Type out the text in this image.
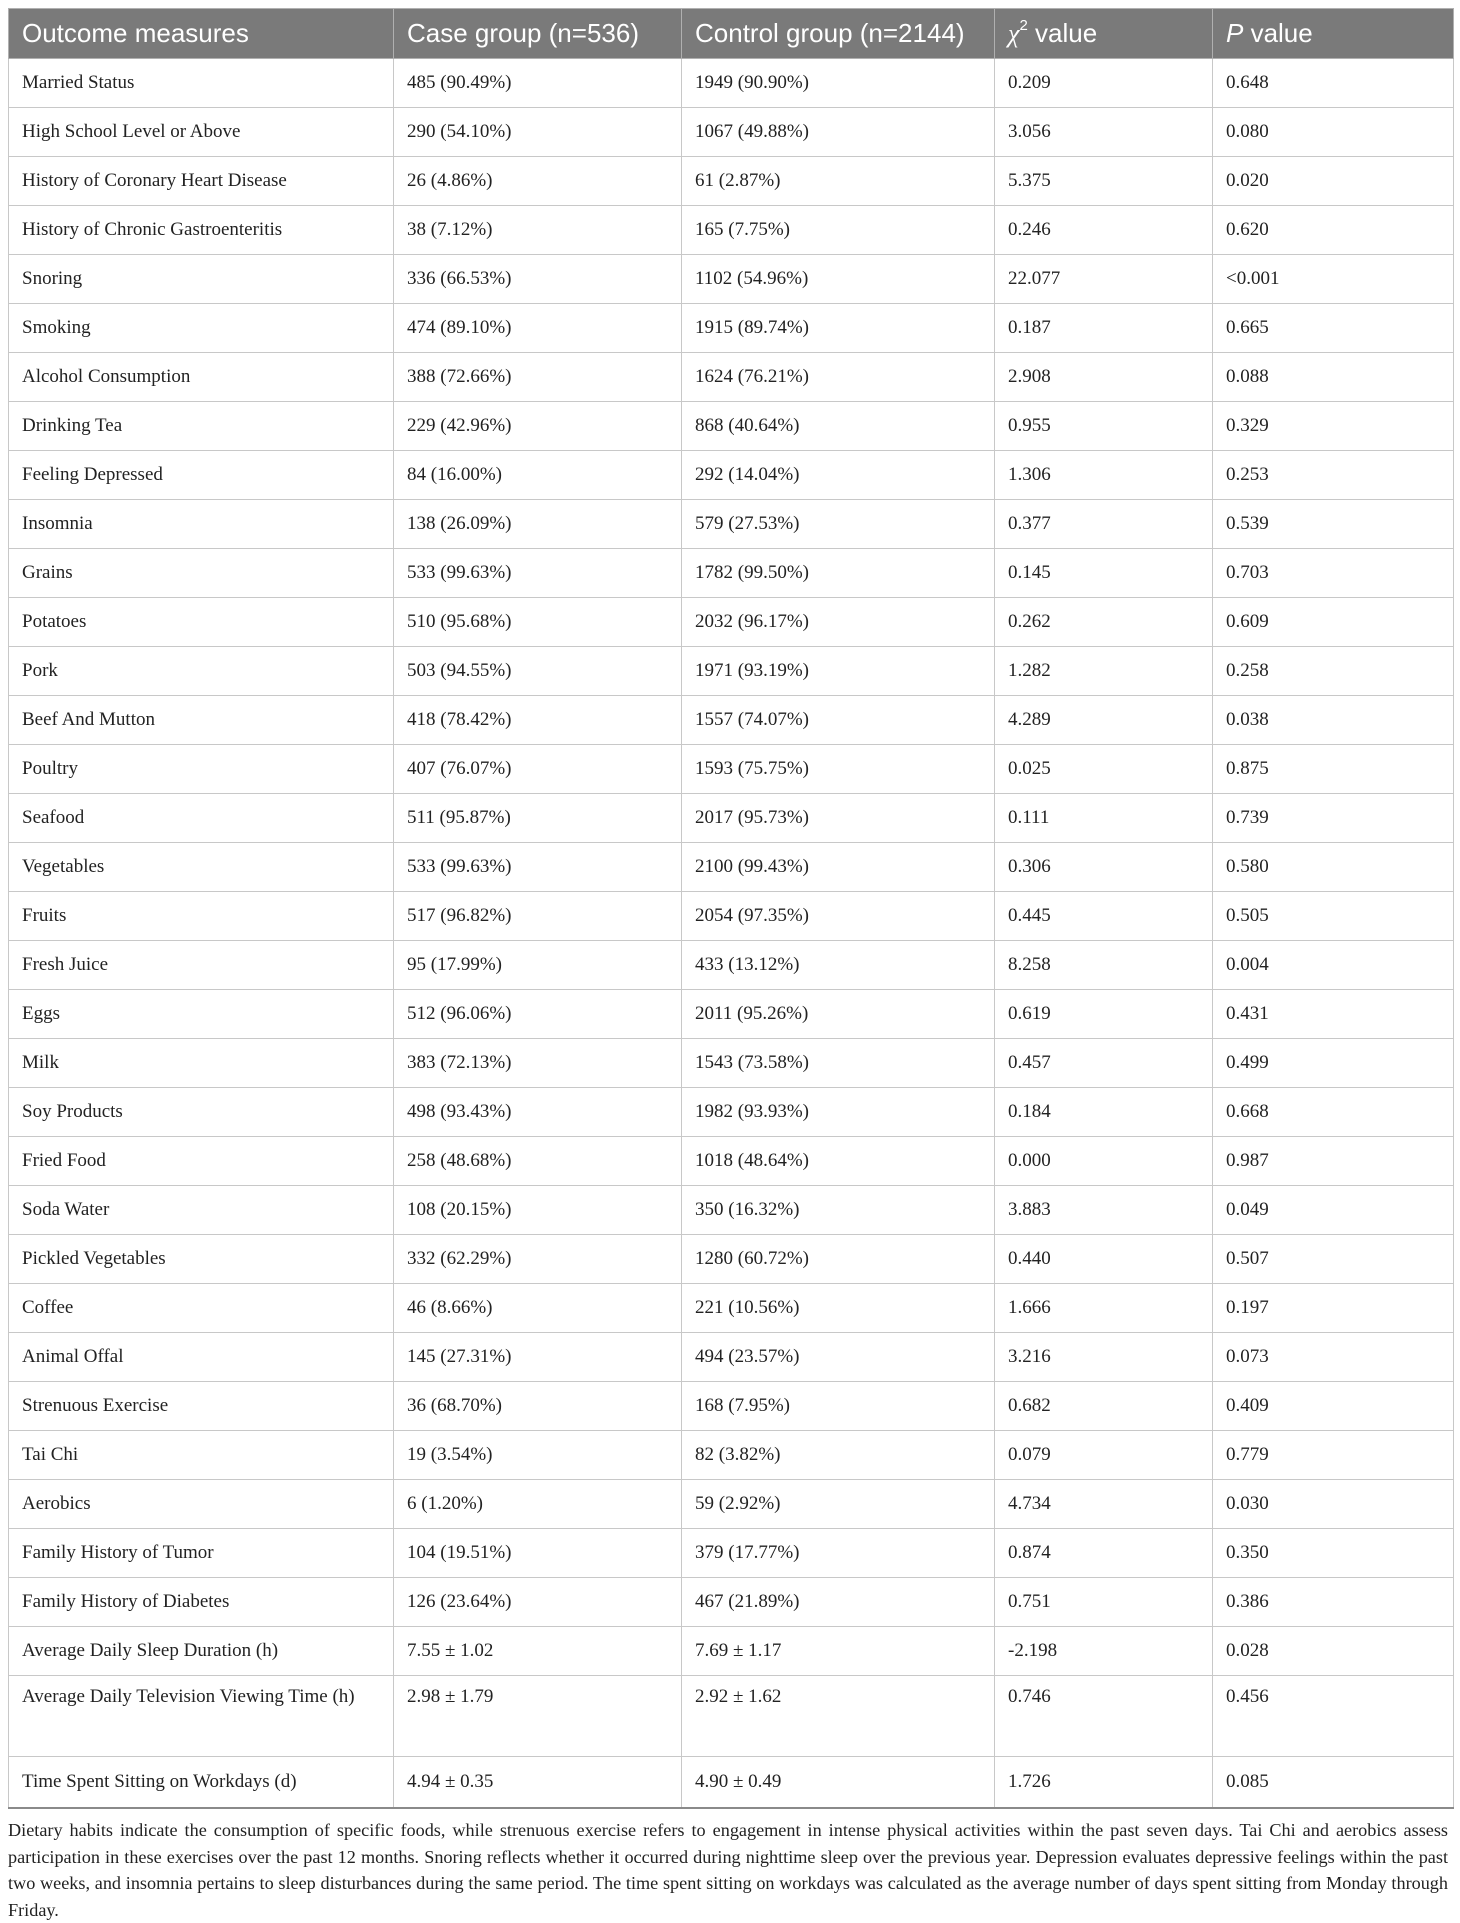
Outcome measures	Case group (n=536)	Control group (n=2144)	$\chi^2$ value	P value
Married Status	485 (90.49%)	1949 (90.90%)	0.209	0.648
High School Level or Above	290 (54.10%)	1067 (49.88%)	3.056	0.080
History of Coronary Heart Disease	26 (4.86%)	61 (2.87%)	5.375	0.020
History of Chronic Gastroenteritis	38 (7.12%)	165 (7.75%)	0.246	0.620
Snoring	336 (66.53%)	1102 (54.96%)	22.077	<0.001
Smoking	474 (89.10%)	1915 (89.74%)	0.187	0.665
Alcohol Consumption	388 (72.66%)	1624 (76.21%)	2.908	0.088
Drinking Tea	229 (42.96%)	868 (40.64%)	0.955	0.329
Feeling Depressed	84 (16.00%)	292 (14.04%)	1.306	0.253
Insomnia	138 (26.09%)	579 (27.53%)	0.377	0.539
Grains	533 (99.63%)	1782 (99.50%)	0.145	0.703
Potatoes	510 (95.68%)	2032 (96.17%)	0.262	0.609
Pork	503 (94.55%)	1971 (93.19%)	1.282	0.258
Beef And Mutton	418 (78.42%)	1557 (74.07%)	4.289	0.038
Poultry	407 (76.07%)	1593 (75.75%)	0.025	0.875
Seafood	511 (95.87%)	2017 (95.73%)	0.111	0.739
Vegetables	533 (99.63%)	2100 (99.43%)	0.306	0.580
Fruits	517 (96.82%)	2054 (97.35%)	0.445	0.505
Fresh Juice	95 (17.99%)	433 (13.12%)	8.258	0.004
Eggs	512 (96.06%)	2011 (95.26%)	0.619	0.431
Milk	383 (72.13%)	1543 (73.58%)	0.457	0.499
Soy Products	498 (93.43%)	1982 (93.93%)	0.184	0.668
Fried Food	258 (48.68%)	1018 (48.64%)	0.000	0.987
Soda Water	108 (20.15%)	350 (16.32%)	3.883	0.049
Pickled Vegetables	332 (62.29%)	1280 (60.72%)	0.440	0.507
Coffee	46 (8.66%)	221 (10.56%)	1.666	0.197
Animal Offal	145 (27.31%)	494 (23.57%)	3.216	0.073
Strenuous Exercise	36 (68.70%)	168 (7.95%)	0.682	0.409
Tai Chi	19 (3.54%)	82 (3.82%)	0.079	0.779
Aerobics	6 (1.20%)	59 (2.92%)	4.734	0.030
Family History of Tumor	104 (19.51%)	379 (17.77%)	0.874	0.350
Family History of Diabetes	126 (23.64%)	467 (21.89%)	0.751	0.386
Average Daily Sleep Duration (h)	7.55 ± 1.02	7.69 ± 1.17	-2.198	0.028
Average Daily Television Viewing Time (h)	2.98 ± 1.79	2.92 ± 1.62	0.746	0.456
Time Spent Sitting on Workdays (d)	4.94 ± 0.35	4.90 ± 0.49	1.726	0.085
Dietary habits indicate the consumption of specific foods, while strenuous exercise refers to engagement in intense physical activities within the past seven days. Tai Chi and aerobics assess participation in these exercises over the past 12 months. Snoring reflects whether it occurred during nighttime sleep over the previous year. Depression evaluates depressive feelings within the past two weeks, and insomnia pertains to sleep disturbances during the same period. The time spent sitting on workdays was calculated as the average number of days spent sitting from Monday through Friday.
